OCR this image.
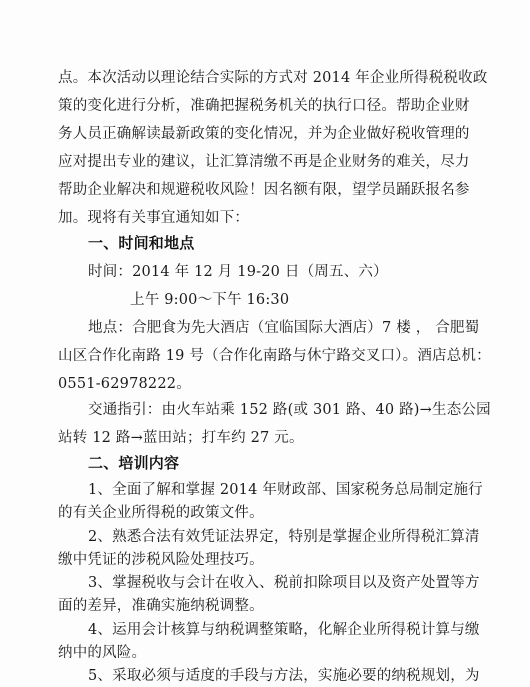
点。本次活动以理论结合实际的方式对 2014 年企业所得税税收政
策的变化进行分析，准确把握税务机关的执行口径。帮助企业财
务人员正确解读最新政策的变化情况，并为企业做好税收管理的
应对提出专业的建议，让汇算清缴不再是企业财务的难关，尽力
帮助企业解决和规避税收风险！因名额有限，望学员踊跃报名参
加。现将有关事宜通知如下：
一、时间和地点
时间：2014 年 12 月 19-20 日（周五、六）
上午 9:00～下午 16:30
地点：合肥食为先大酒店（宜临国际大酒店）7 楼 ， 合肥蜀
山区合作化南路 19 号（合作化南路与休宁路交叉口）。酒店总机：
0551-62978222。
交通指引：由火车站乘 152 路(或 301 路、40 路)→生态公园
站转 12 路→蓝田站；打车约 27 元。
二、培训内容
1、全面了解和掌握 2014 年财政部、国家税务总局制定施行
的有关企业所得税的政策文件。
2、熟悉合法有效凭证法界定，特别是掌握企业所得税汇算清
缴中凭证的涉税风险处理技巧。
3、掌握税收与会计在收入、税前扣除项目以及资产处置等方
面的差异，准确实施纳税调整。
4、运用会计核算与纳税调整策略，化解企业所得税计算与缴
纳中的风险。
5、采取必须与适度的手段与方法，实施必要的纳税规划，为
